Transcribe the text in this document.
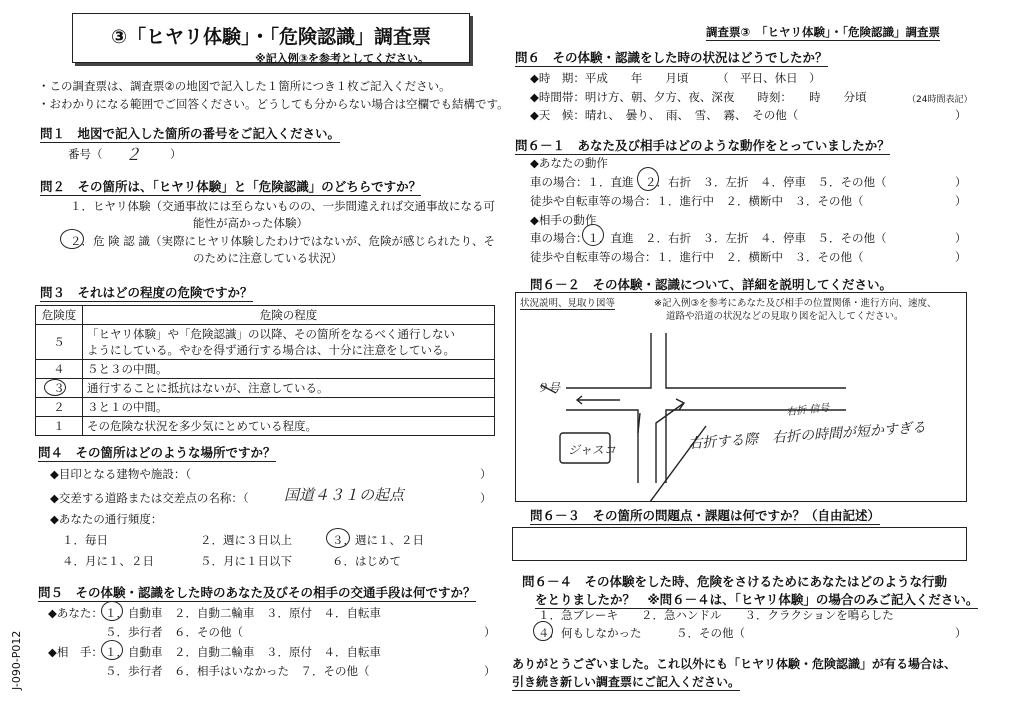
③「ヒヤリ体験」・「危険認識」調査票
※記入例③を参考としてください。
・この調査票は、調査票②の地図で記入した１箇所につき１枚ご記入ください。
・おわかりになる範囲でご回答ください。どうしても分からない場合は空欄でも結構です。
問１　地図で記入した箇所の番号をご記入ください。
番号（ ２	）
問２　その箇所は、「ヒヤリ体験」と「危険認識」のどちらですか？
１．ヒヤリ体験（交通事故には至らないものの、一歩間違えれば交通事故になる可
能性が高かった体験）
２．危 険 認 識（実際にヒヤリ体験したわけではないが、危険が感じられたり、そ
のために注意している状況）
問３　それはどの程度の危険ですか？
危険度	危険の程度
５	「ヒヤリ体験」や「危険認識」の以降、その箇所をなるべく通行しない
ようにしている。やむを得ず通行する場合は、十分に注意をしている。

４	５と３の中間。
３	通行することに抵抗はないが、注意している。
２	３と１の中間。
１	その危険な状況を多少気にとめている程度。
問４　その箇所はどのような場所ですか？
◆目印となる建物や施設：（	）
◆交差する道路または交差点の名称：（ 国道４３１の起点	）
◆あなたの通行頻度：
１．毎日	２．週に３日以上	３．週に１、２日
４．月に１、２日	５．月に１日以下	６．はじめて
問５　その体験・認識をした時のあなた及びその相手の交通手段は何ですか？
◆あなた： １．自動車　２．自動二輪車　３．原付　４．自転車
５．歩行者　６．その他（	）
◆相　手： １．自動車　２．自動二輪車　３．原付　４．自転車
５．歩行者　６．相手はいなかった　７．その他（	）
J-090-P012
調査票③　「ヒヤリ体験」・「危険認識」調査票
問６　その体験・認識をした時の状況はどうでしたか？
◆時　期：平成　　年　　月頃　　　（　平日、休日　）
◆時間帯：明け方、朝、夕方、夜、深夜　　時刻：　　時　　分頃	（24時間表記）
◆天　候：晴れ、　曇り、　雨、　雪、　霧、　その他（	）
問６－１　あなた及び相手はどのような動作をとっていましたか？
◆あなたの動作
車の場合：１．直進　２．右折　３．左折　４．停車　５．その他（	）
徒歩や自転車等の場合：１．進行中　２．横断中　３．その他（	）
◆相手の動作
車の場合：１．直進　２．右折　３．左折　４．停車　５．その他（	）
徒歩や自転車等の場合：１．進行中　２．横断中　３．その他（	）
問６－２　その体験・認識について、詳細を説明してください。
状況説明、見取り図等	※記入例③を参考にあなた及び相手の位置関係・進行方向、速度、
道路や沿道の状況などの見取り図を記入してください。
ジャスコ
９号
右折する際　右折の時間が短かすぎる
右折 信号
問６－３　その箇所の問題点・課題は何ですか？（自由記述）
問６－４　その体験をした時、危険をさけるためにあなたはどのような行動
をとりましたか？　※問６－４は、「ヒヤリ体験」の場合のみご記入ください。
１．急ブレーキ　　２．急ハンドル　　３．クラクションを鳴らした
４．何もしなかった　　　５．その他（	）
ありがとうございました。これ以外にも「ヒヤリ体験・危険認識」が有る場合は、
引き続き新しい調査票にご記入ください。
